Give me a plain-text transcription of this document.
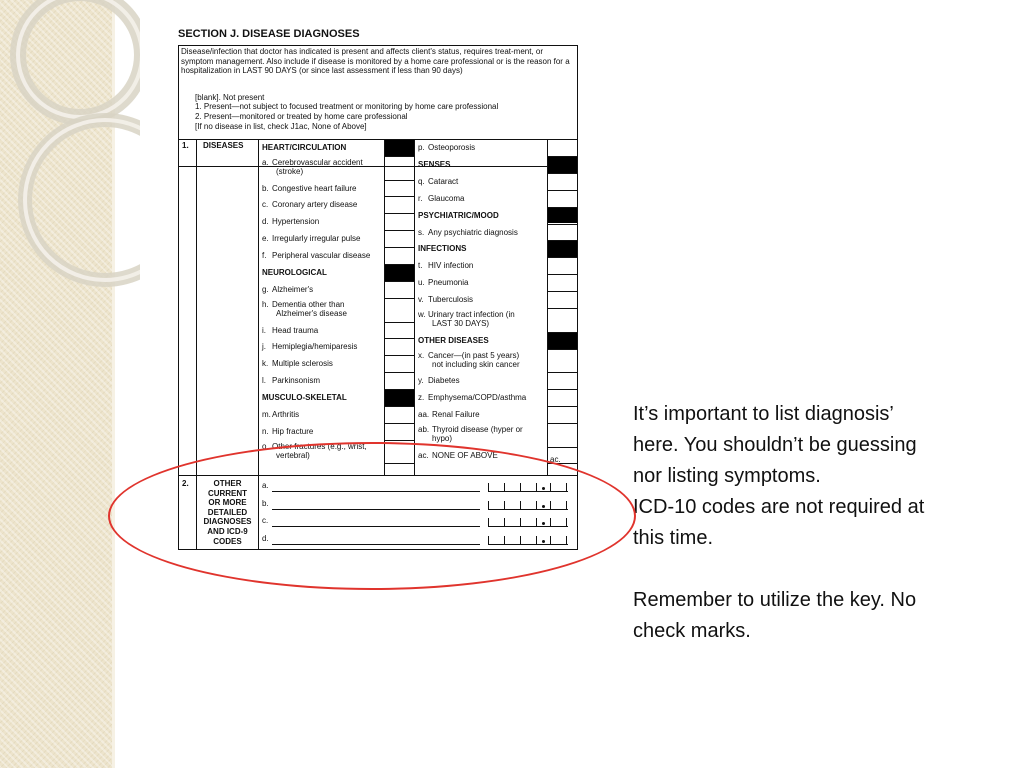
SECTION J. DISEASE DIAGNOSES

Disease/infection that doctor has indicated is present and affects client's status, requires treat-ment, or symptom management. Also include if disease is monitored by a home care professional or is the reason for a hospitalization in LAST 90 DAYS (or since last assessment if less than 90 days)

[blank]. Not present

1. Present—not subject to focused treatment or monitoring by home care professional

2. Present—monitored or treated by home care professional

[If no disease in list, check J1ac, None of Above]

1. DISEASES HEART/CIRCULATION
a. Cerebrovascular accident
(stroke)
b. Congestive heart failure
c. Coronary artery disease
d. Hypertension
e. Irregularly irregular pulse
f. Peripheral vascular disease
NEUROLOGICAL
g. Alzheimer's
h. Dementia other than
Alzheimer's disease
i. Head trauma
j. Hemiplegia/hemiparesis
k. Multiple sclerosis
l. Parkinsonism
MUSCULO-SKELETAL
m. Arthritis
n. Hip fracture
o. Other fractures (e.g., wrist,
vertebral)
p. Osteoporosis
SENSES
q. Cataract
r. Glaucoma
PSYCHIATRIC/MOOD
s. Any psychiatric diagnosis
INFECTIONS
t. HIV infection
u. Pneumonia
v. Tuberculosis
w. Urinary tract infection (in
LAST 30 DAYS)
OTHER DISEASES
x. Cancer—(in past 5 years)
not including skin cancer
y. Diabetes
z. Emphysema/COPD/asthma
aa. Renal Failure
ab. Thyroid disease (hyper or
hypo)
ac. NONE OF ABOVE	ac.
2.	OTHER
CURRENT
OR MORE
DETAILED
DIAGNOSES
AND ICD-9
CODES
a.
b.
c.
d.

It’s important to list diagnosis’

here. You shouldn’t be guessing

nor listing symptoms.

ICD-10 codes are not required at

this time.

Remember to utilize the key. No

check marks.
